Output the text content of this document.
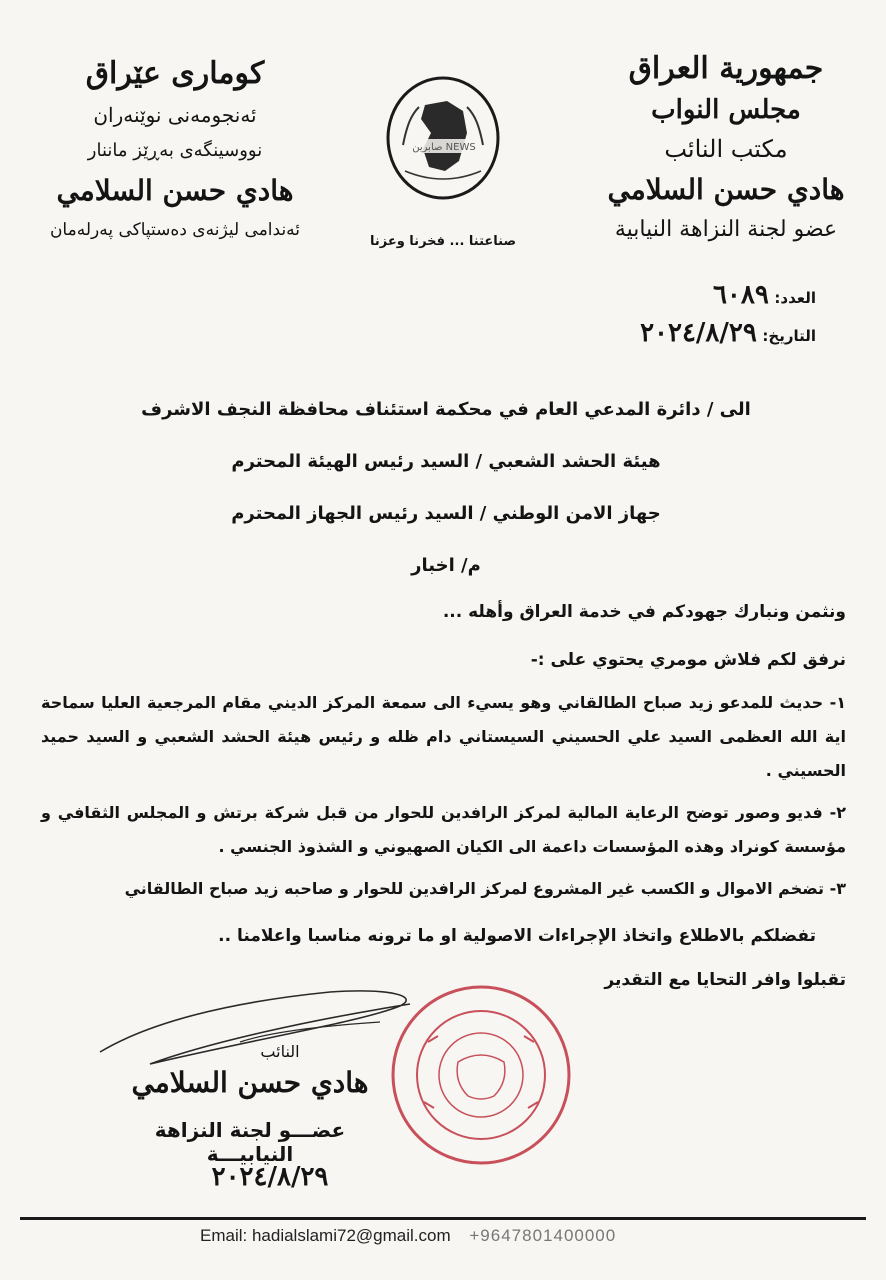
جمهورية العراق
مجلس النواب
مكتب النائب
هادي حسن السلامي
عضو لجنة النزاهة النيابية
صابرين NEWS
صناعتنا ... فخرنا وعزنا
كوماری عێراق
ئەنجومەنی نوێنەران
نووسینگەی بەڕێز ماننار
هادي حسن السلامي
ئەندامی لیژنەی دەستپاکی پەرلەمان
العدد: ٦٠٨٩
التاريخ: ٢٠٢٤/٨/٢٩
الى / دائرة المدعي العام في محكمة استئناف محافظة النجف الاشرف
هيئة الحشد الشعبي / السيد رئيس الهيئة المحترم
جهاز الامن الوطني / السيد رئيس الجهاز المحترم
م/ اخبار
ونثمن ونبارك جهودكم في خدمة العراق وأهله ...
نرفق لكم فلاش مومري يحتوي على :-
١- حديث للمدعو زيد صباح الطالقاني وهو يسيء الى سمعة المركز الديني مقام المرجعية العليا سماحة اية الله العظمى السيد علي الحسيني السيستاني دام ظله و رئيس هيئة الحشد الشعبي و السيد حميد الحسيني .
٢- فديو وصور توضح الرعاية المالية لمركز الرافدين للحوار من قبل شركة برتش و المجلس الثقافي و مؤسسة كونراد وهذه المؤسسات داعمة الى الكيان الصهيوني و الشذوذ الجنسي .
٣- تضخم الاموال و الكسب غير المشروع لمركز الرافدين للحوار و صاحبه زيد صباح الطالقاني
تفضلكم بالاطلاع واتخاذ الإجراءات الاصولية او ما ترونه مناسبا واعلامنا ..
تقبلوا وافر التحايا مع التقدير
النائب
هادي حسن السلامي
عضـــو لجنة النزاهة النيابيـــة
٢٠٢٤/٨/٢٩
Email: hadialslami72@gmail.com +9647801400000
